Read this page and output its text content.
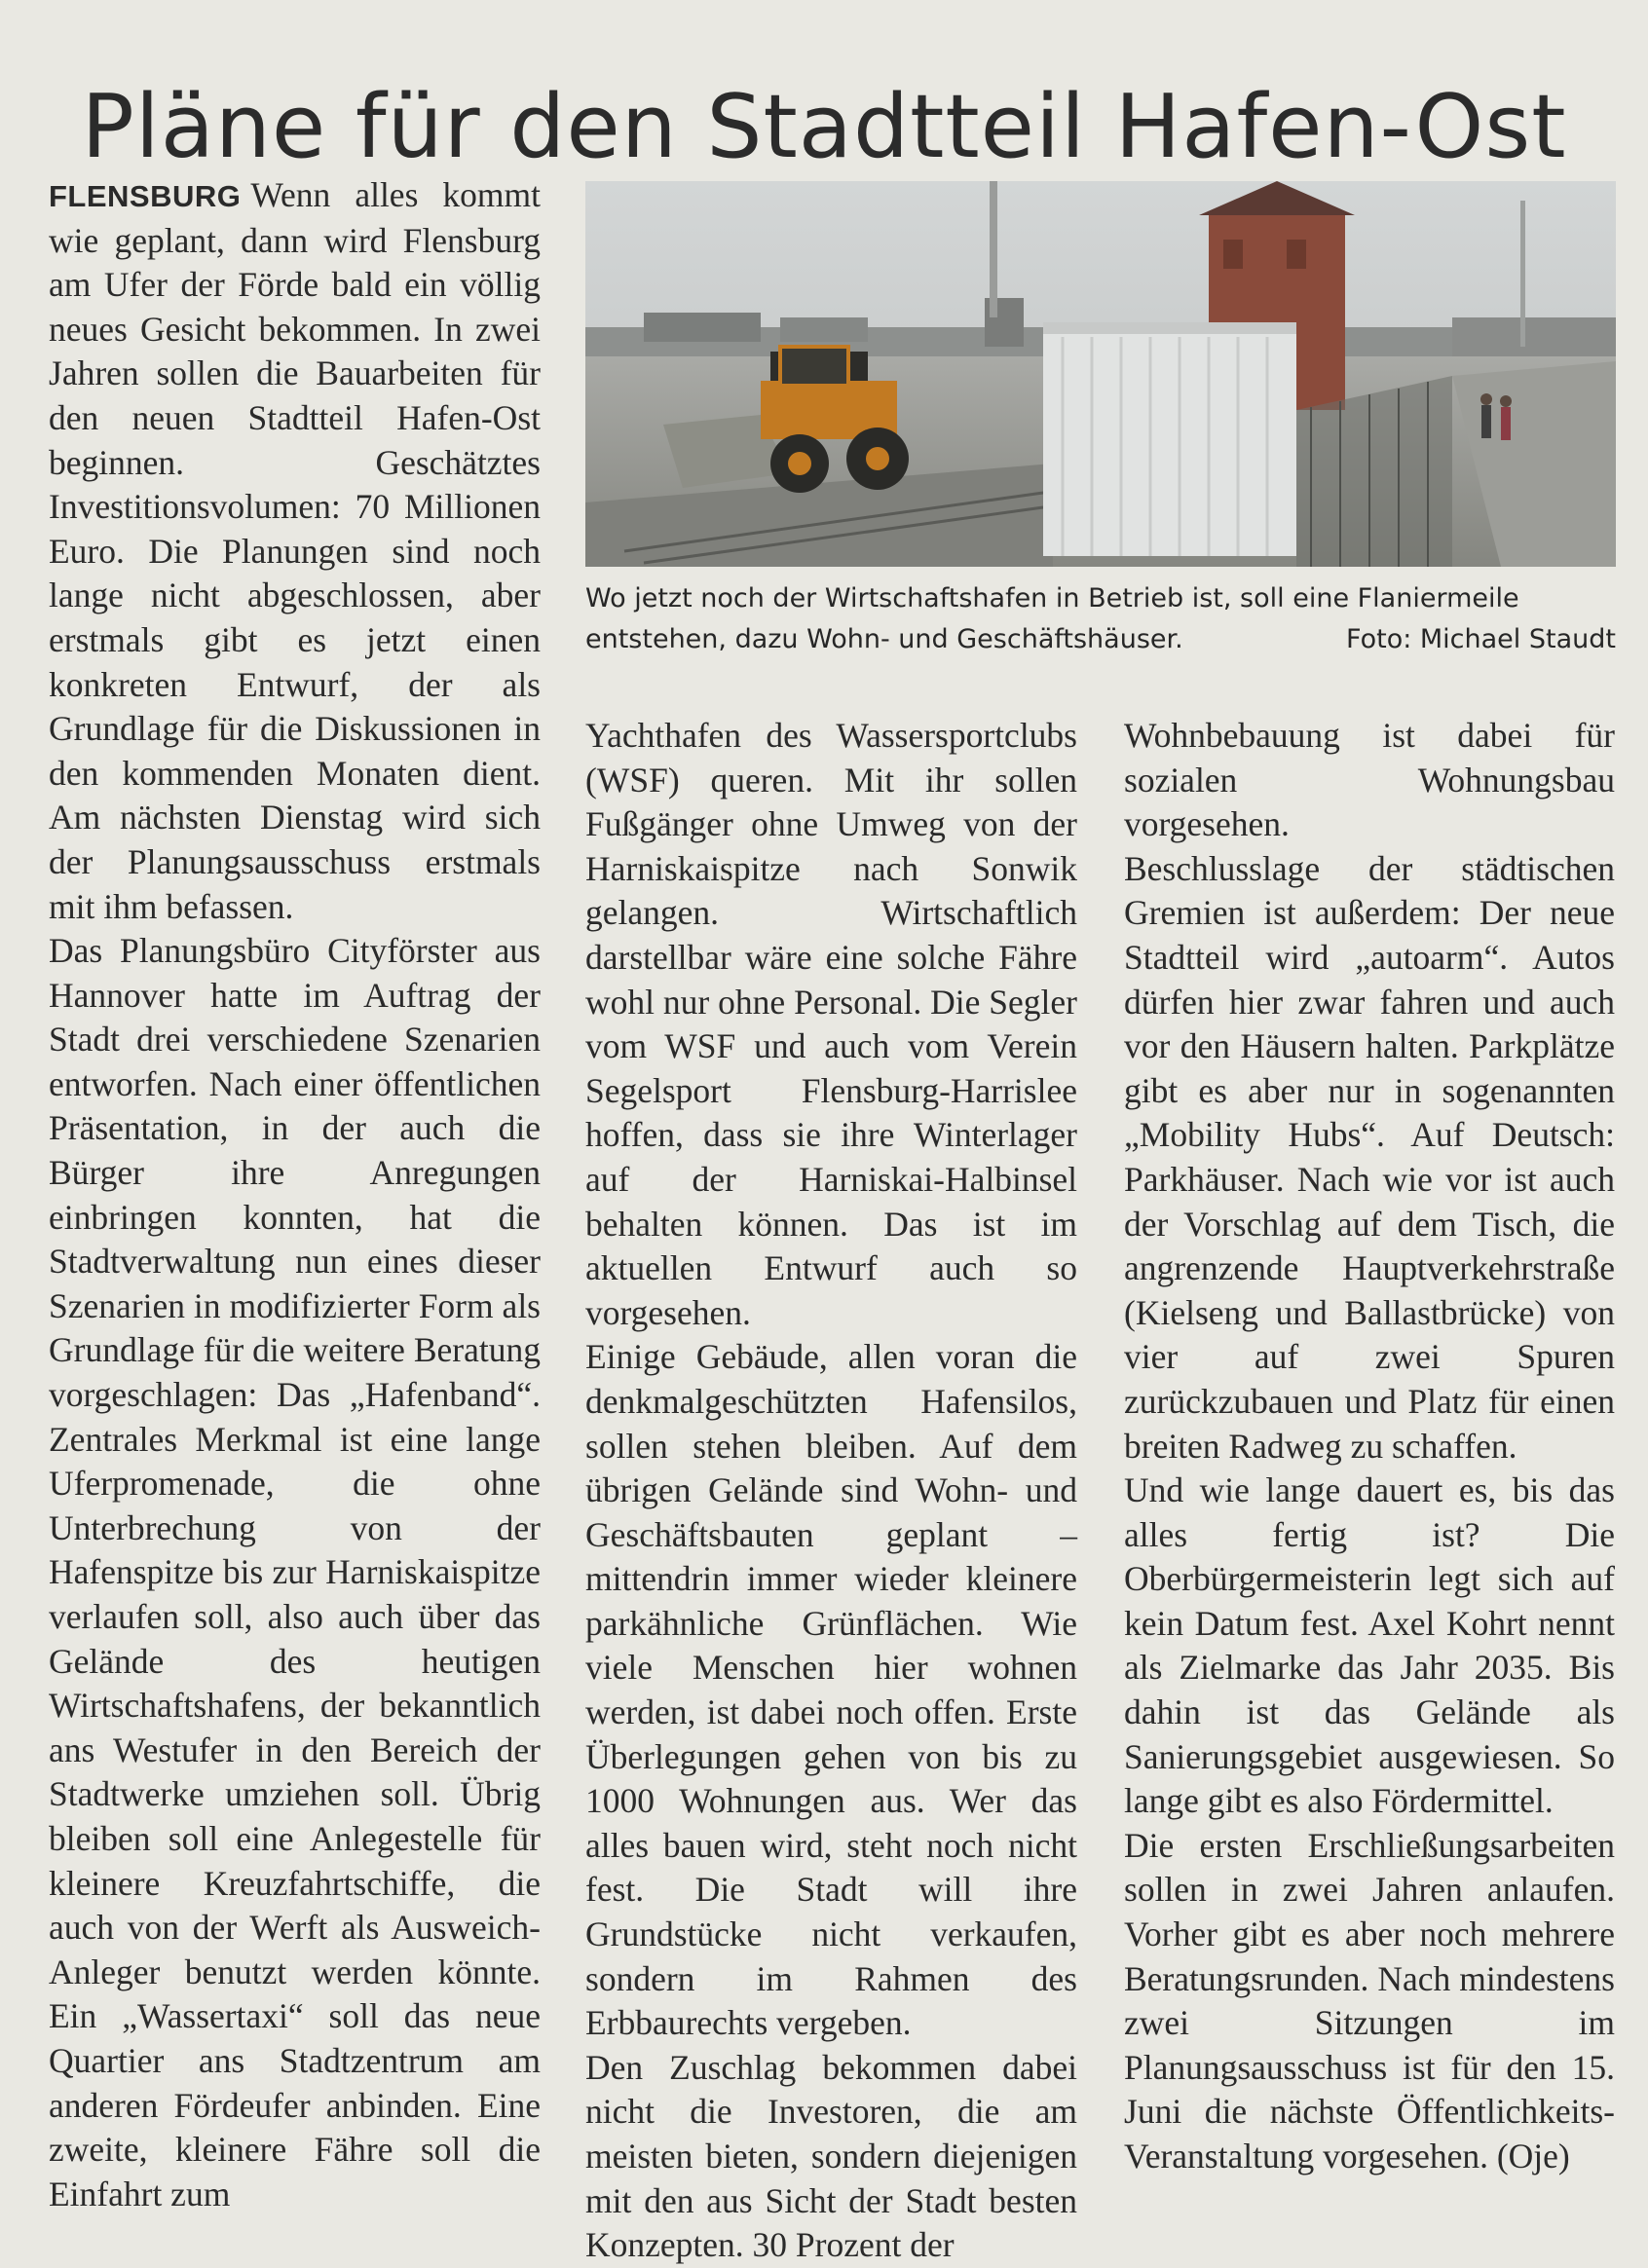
Pläne für den Stadtteil Hafen-Ost

FLENSBURG Wenn alles kommt wie geplant, dann wird Flensburg am Ufer der Förde bald ein völlig neues Gesicht bekommen. In zwei Jahren sollen die Bauarbeiten für den neuen Stadtteil Hafen-Ost beginnen. Geschätztes Investitionsvolumen: 70 Millionen Euro. Die Planungen sind noch lange nicht abgeschlossen, aber erstmals gibt es jetzt einen konkreten Entwurf, der als Grundlage für die Diskussionen in den kommenden Monaten dient. Am nächsten Dienstag wird sich der Planungsausschuss erstmals mit ihm befassen.

Das Planungsbüro Cityförster aus Hannover hatte im Auftrag der Stadt drei verschiedene Szenarien entworfen. Nach einer öffentlichen Präsentation, in der auch die Bürger ihre Anregungen einbringen konnten, hat die Stadtverwaltung nun eines dieser Szenarien in modifizierter Form als Grundlage für die weitere Beratung vorgeschlagen: Das „Hafenband“. Zentrales Merkmal ist eine lange Uferpromenade, die ohne Unterbrechung von der Hafenspitze bis zur Harniskaispitze verlaufen soll, also auch über das Gelände des heutigen Wirtschaftshafens, der bekanntlich ans Westufer in den Bereich der Stadtwerke umziehen soll. Übrig bleiben soll eine Anlegestelle für kleinere Kreuzfahrtschiffe, die auch von der Werft als Ausweich-Anleger benutzt werden könnte. Ein „Wassertaxi“ soll das neue Quartier ans Stadtzentrum am anderen Fördeufer anbinden. Eine zweite, kleinere Fähre soll die Einfahrt zum

Wo jetzt noch der Wirtschaftshafen in Betrieb ist, soll eine Flaniermeile entstehen, dazu Wohn- und Geschäftshäuser.	Foto: Michael Staudt

Yachthafen des Wassersportclubs (WSF) queren. Mit ihr sollen Fußgänger ohne Umweg von der Harniskaispitze nach Sonwik gelangen. Wirtschaftlich darstellbar wäre eine solche Fähre wohl nur ohne Personal. Die Segler vom WSF und auch vom Verein Segelsport Flensburg-Harrislee hoffen, dass sie ihre Winterlager auf der Harniskai-Halbinsel behalten können. Das ist im aktuellen Entwurf auch so vorgesehen.

Einige Gebäude, allen voran die denkmalgeschützten Hafensilos, sollen stehen bleiben. Auf dem übrigen Gelände sind Wohn- und Geschäftsbauten geplant – mittendrin immer wieder kleinere parkähnliche Grünflächen. Wie viele Menschen hier wohnen werden, ist dabei noch offen. Erste Überlegungen gehen von bis zu 1000 Wohnungen aus. Wer das alles bauen wird, steht noch nicht fest. Die Stadt will ihre Grundstücke nicht verkaufen, sondern im Rahmen des Erbbaurechts vergeben.

Den Zuschlag bekommen dabei nicht die Investoren, die am meisten bieten, sondern diejenigen mit den aus Sicht der Stadt besten Konzepten. 30 Prozent der

Wohnbebauung ist dabei für sozialen Wohnungsbau vorgesehen.

Beschlusslage der städtischen Gremien ist außerdem: Der neue Stadtteil wird „autoarm“. Autos dürfen hier zwar fahren und auch vor den Häusern halten. Parkplätze gibt es aber nur in sogenannten „Mobility Hubs“. Auf Deutsch: Parkhäuser. Nach wie vor ist auch der Vorschlag auf dem Tisch, die angrenzende Hauptverkehrstraße (Kielseng und Ballastbrücke) von vier auf zwei Spuren zurückzubauen und Platz für einen breiten Radweg zu schaffen.

Und wie lange dauert es, bis das alles fertig ist? Die Oberbürgermeisterin legt sich auf kein Datum fest. Axel Kohrt nennt als Zielmarke das Jahr 2035. Bis dahin ist das Gelände als Sanierungsgebiet ausgewiesen. So lange gibt es also Fördermittel.

Die ersten Erschließungsarbeiten sollen in zwei Jahren anlaufen. Vorher gibt es aber noch mehrere Beratungsrunden. Nach mindestens zwei Sitzungen im Planungsausschuss ist für den 15. Juni die nächste Öffentlichkeits-Veranstaltung vorgesehen. (Oje)
